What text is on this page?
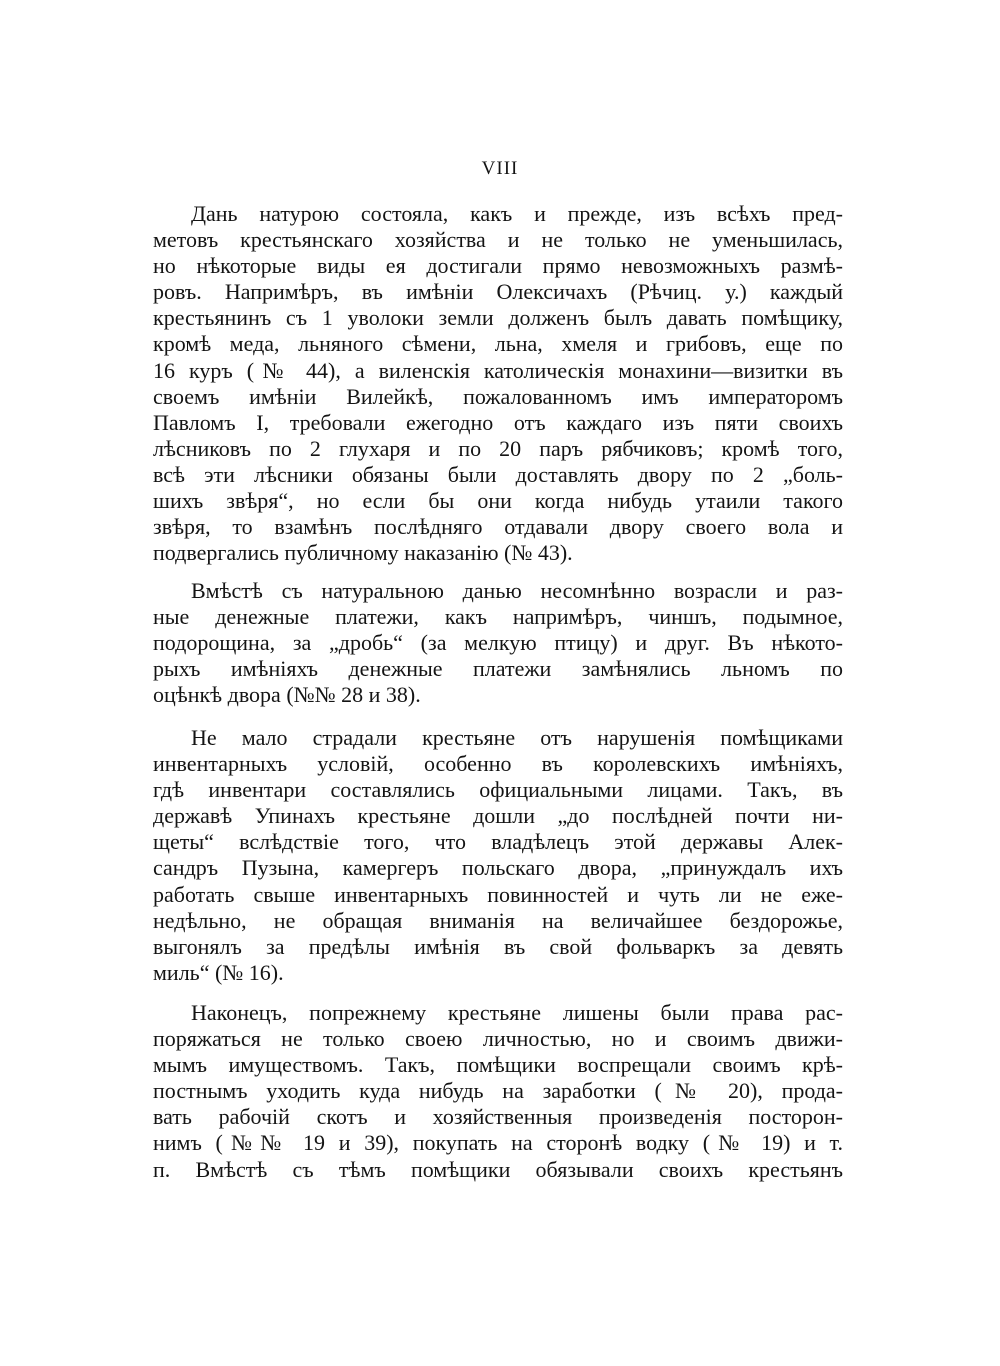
VIII
Дань натурою состояла, какъ и прежде, изъ всѣхъ пред-
метовъ крестьянскаго хозяйства и не только не уменьшилась,
но нѣкоторые виды ея достигали прямо невозможныхъ размѣ-
ровъ. Напримѣръ, въ имѣніи Олексичахъ (Рѣчиц. у.) каждый
крестьянинъ съ 1 уволоки земли долженъ былъ давать помѣщику,
кромѣ меда, льняного сѣмени, льна, хмеля и грибовъ, еще по
16 куръ (№ 44), а виленскія католическія монахини—визитки въ
своемъ имѣніи Вилейкѣ, пожалованномъ имъ императоромъ
Павломъ I, требовали ежегодно отъ каждаго изъ пяти своихъ
лѣсниковъ по 2 глухаря и по 20 паръ рябчиковъ; кромѣ того,
всѣ эти лѣсники обязаны были доставлять двору по 2 „боль-
шихъ звѣря“, но если бы они когда нибудь утаили такого
звѣря, то взамѣнъ послѣдняго отдавали двору своего вола и
подвергались публичному наказанію (№ 43).
Вмѣстѣ съ натуральною данью несомнѣнно возрасли и раз-
ные денежные платежи, какъ напримѣръ, чиншъ, подымное,
подорощина, за „дробь“ (за мелкую птицу) и друг. Въ нѣкото-
рыхъ имѣніяхъ денежные платежи замѣнялись льномъ по
оцѣнкѣ двора (№№ 28 и 38).
Не мало страдали крестьяне отъ нарушенія помѣщиками
инвентарныхъ условій, особенно въ королевскихъ имѣніяхъ,
гдѣ инвентари составлялись официальными лицами. Такъ, въ
державѣ Упинахъ крестьяне дошли „до послѣдней почти ни-
щеты“ вслѣдствіе того, что владѣлецъ этой державы Алек-
сандръ Пузына, камергеръ польскаго двора, „принуждалъ ихъ
работать свыше инвентарныхъ повинностей и чуть ли не еже-
недѣльно, не обращая вниманія на величайшее бездорожье,
выгонялъ за предѣлы имѣнія въ свой фольваркъ за девять
миль“ (№ 16).
Наконецъ, попрежнему крестьяне лишены были права рас-
поряжаться не только своею личностью, но и своимъ движи-
мымъ имуществомъ. Такъ, помѣщики воспрещали своимъ крѣ-
постнымъ уходить куда нибудь на заработки (№ 20), прода-
вать рабочій скотъ и хозяйственныя произведенія посторон-
нимъ (№№ 19 и 39), покупать на сторонѣ водку (№ 19) и т.
п. Вмѣстѣ съ тѣмъ помѣщики обязывали своихъ крестьянъ
